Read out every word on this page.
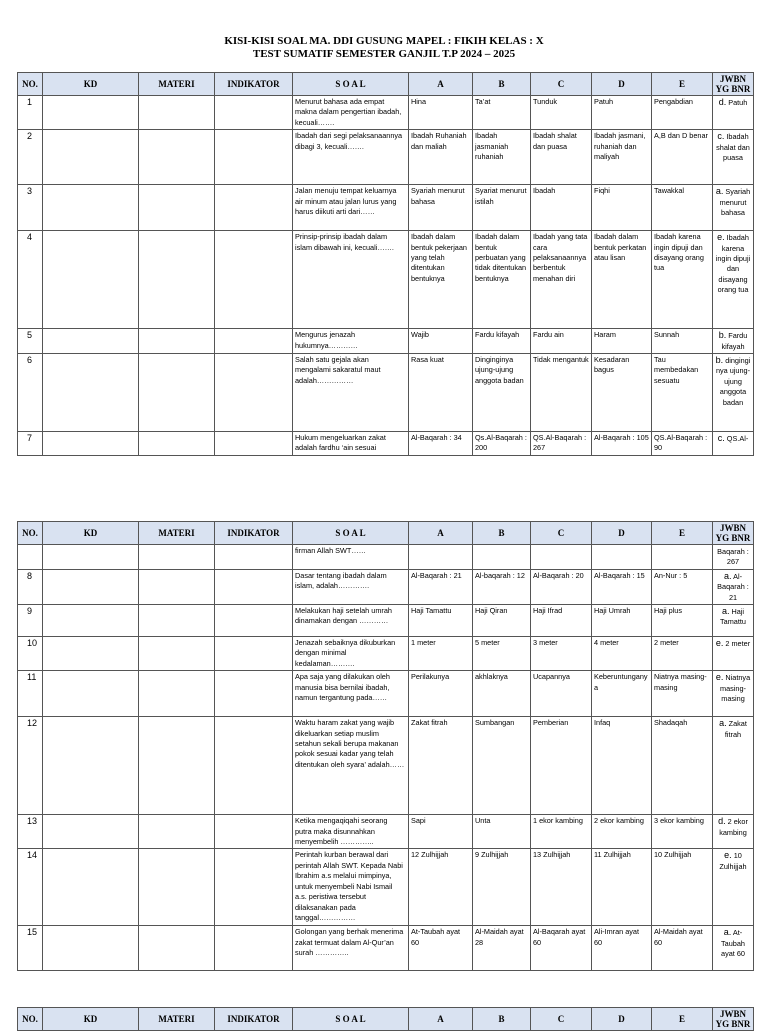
KISI-KISI SOAL MA. DDI GUSUNG MAPEL : FIKIH KELAS : X
TEST SUMATIF SEMESTER GANJIL T.P 2024 – 2025
NO.	KD	MATERI	INDIKATOR	S O A L	A	B	C	D	E	JWBN YG BNR
1				Menurut bahasa ada empat makna dalam pengertian ibadah, kecuali…….	Hina	Ta’at	Tunduk	Patuh	Pengabdian	d. Patuh
2				Ibadah dari segi pelaksanaannya dibagi 3, kecuali…….	Ibadah Ruhaniah dan maliah	Ibadah jasmaniah ruhaniah	Ibadah shalat dan puasa	Ibadah jasmani, ruhaniah dan maliyah	A,B dan D benar	c. Ibadah shalat dan puasa
3				Jalan menuju tempat keluarnya air minum atau jalan lurus yang harus diikuti arti dari……	Syariah menurut bahasa	Syariat menurut istilah	Ibadah	Fiqhi	Tawakkal	a. Syariah menurut bahasa
4				Prinsip-prinsip ibadah dalam islam dibawah ini, kecuali…….	Ibadah dalam bentuk pekerjaan yang telah ditentukan bentuknya	Ibadah dalam bentuk perbuatan yang tidak ditentukan bentuknya	Ibadah yang tata cara pelaksanaannya berbentuk menahan diri	Ibadah dalam bentuk perkatan atau lisan	Ibadah karena ingin dipuji dan disayang orang tua	e. Ibadah karena ingin dipuji dan disayang orang tua
5				Mengurus jenazah hukumnya…………	Wajib	Fardu kifayah	Fardu ain	Haram	Sunnah	b. Fardu kifayah
6				Salah satu gejala akan mengalami sakaratul maut adalah……………	Rasa kuat	Dinginginya ujung-ujung anggota badan	Tidak mengantuk	Kesadaran bagus	Tau membedakan sesuatu	b. dingingi nya ujung-ujung anggota badan
7				Hukum mengeluarkan zakat adalah fardhu ‘ain sesuai	Al-Baqarah : 34	Qs.Al-Baqarah : 200	QS.Al-Baqarah : 267	Al-Baqarah : 105	QS.Al-Baqarah : 90	c. QS.Al-
NO.	KD	MATERI	INDIKATOR	S O A L	A	B	C	D	E	JWBN YG BNR
				firman Allah SWT……						Baqarah : 267
8				Dasar tentang ibadah dalam islam, adalah………….	Al-Baqarah : 21	Al-baqarah : 12	Al-Baqarah : 20	Al-Baqarah : 15	An-Nur : 5	a. Al-Baqarah : 21
9				Melakukan haji setelah umrah dinamakan dengan …………	Haji Tamattu	Haji Qiran	Haji Ifrad	Haji Umrah	Haji plus	a. Haji Tamattu
10				Jenazah sebaiknya dikuburkan dengan minimal kedalaman……….	1 meter	5 meter	3 meter	4 meter	2 meter	e. 2 meter
11				Apa saja yang dilakukan oleh manusia bisa bernilai ibadah, namun tergantung pada……	Perilakunya	akhlaknya	Ucapannya	Keberuntunganya	Niatnya masing-masing	e. Niatnya masing-masing
12				Waktu haram zakat yang wajib dikeluarkan setiap muslim setahun sekali berupa makanan pokok sesuai kadar yang telah ditentukan oleh syara’ adalah……	Zakat fitrah	Sumbangan	Pemberian	Infaq	Shadaqah	a. Zakat fitrah
13				Ketika mengaqiqahi seorang putra maka disunnahkan menyembelih …………..	Sapi	Unta	1 ekor kambing	2 ekor kambing	3 ekor kambing	d. 2 ekor kambing
14				Perintah kurban berawal dari perintah Allah SWT. Kepada Nabi Ibrahim a.s melalui mimpinya, untuk menyembeli Nabi Ismail a.s. peristiwa tersebut dilaksanakan pada tanggal……………	12 Zulhijjah	9 Zulhijjah	13 Zulhijjah	11 Zulhijjah	10 Zulhijjah	e. 10 Zulhijjah
15				Golongan yang berhak menerima zakat termuat dalam Al-Qur’an surah …………..	At-Taubah ayat 60	Al-Maidah ayat 28	Al-Baqarah ayat 60	Ali-Imran ayat 60	Al-Maidah ayat 60	a. At-Taubah ayat 60
NO.	KD	MATERI	INDIKATOR	S O A L	A	B	C	D	E	JWBN YG BNR
